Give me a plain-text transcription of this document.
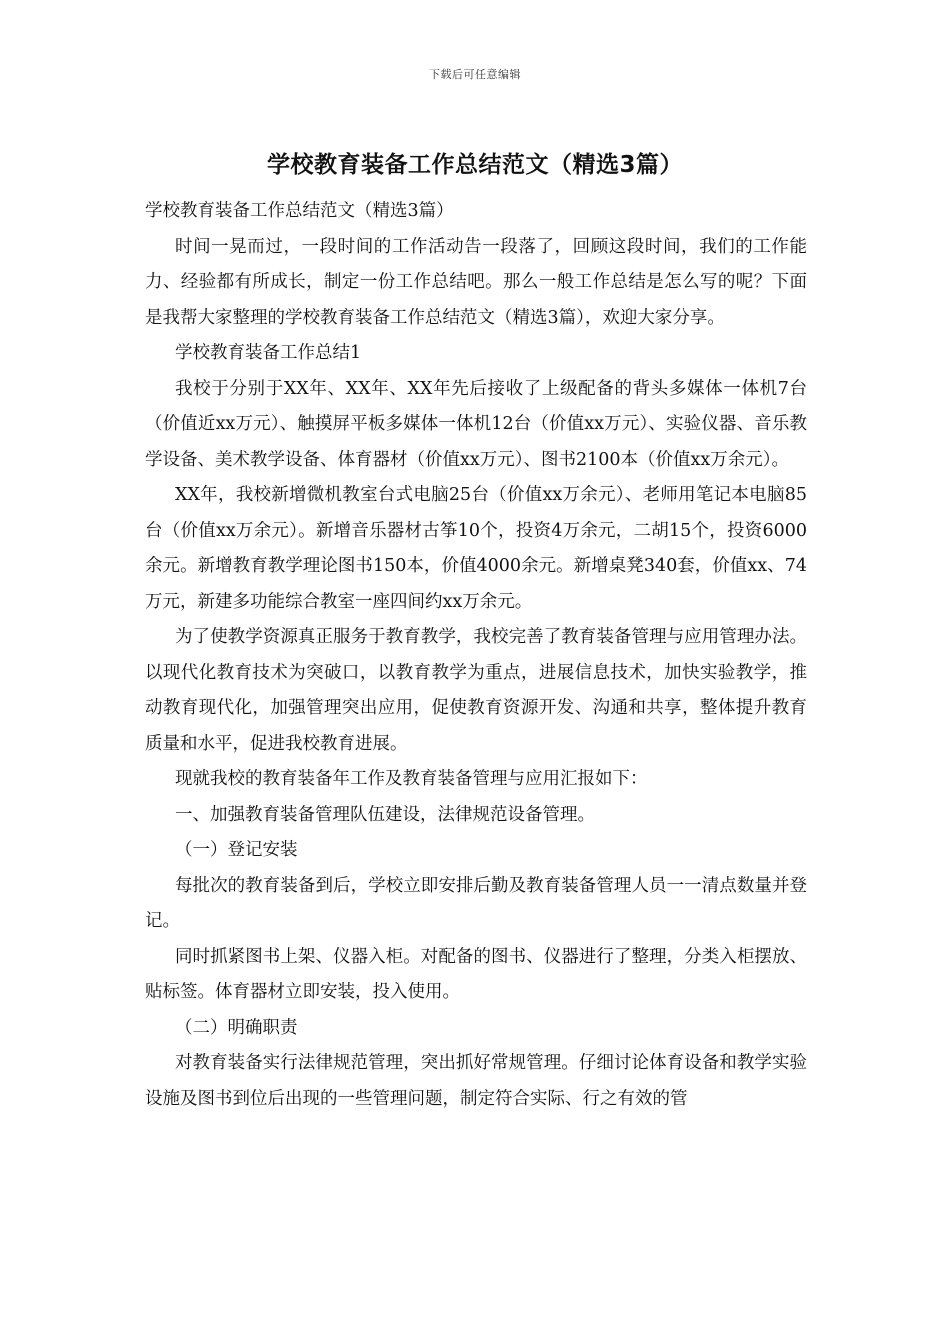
下载后可任意编辑
学校教育装备工作总结范文（精选3篇）

学校教育装备工作总结范文（精选3篇）

时间一晃而过，一段时间的工作活动告一段落了，回顾这段时间，我们的工作能力、经验都有所成长，制定一份工作总结吧。那么一般工作总结是怎么写的呢？下面是我帮大家整理的学校教育装备工作总结范文（精选3篇），欢迎大家分享。

学校教育装备工作总结1

我校于分别于XX年、XX年、XX年先后接收了上级配备的背头多媒体一体机7台（价值近xx万元）、触摸屏平板多媒体一体机12台（价值xx万元）、实验仪器、音乐教学设备、美术教学设备、体育器材（价值xx万元）、图书2100本（价值xx万余元）。

XX年，我校新增微机教室台式电脑25台（价值xx万余元）、老师用笔记本电脑85台（价值xx万余元）。新增音乐器材古筝10个，投资4万余元，二胡15个，投资6000余元。新增教育教学理论图书150本，价值4000余元。新增桌凳340套，价值xx、74万元，新建多功能综合教室一座四间约xx万余元。

为了使教学资源真正服务于教育教学，我校完善了教育装备管理与应用管理办法。以现代化教育技术为突破口，以教育教学为重点，进展信息技术，加快实验教学，推动教育现代化，加强管理突出应用，促使教育资源开发、沟通和共享，整体提升教育质量和水平，促进我校教育进展。

现就我校的教育装备年工作及教育装备管理与应用汇报如下：

一、加强教育装备管理队伍建设，法律规范设备管理。

（一）登记安装

每批次的教育装备到后，学校立即安排后勤及教育装备管理人员一一清点数量并登记。

同时抓紧图书上架、仪器入柜。对配备的图书、仪器进行了整理，分类入柜摆放、贴标签。体育器材立即安装，投入使用。

（二）明确职责

对教育装备实行法律规范管理，突出抓好常规管理。仔细讨论体育设备和教学实验设施及图书到位后出现的一些管理问题，制定符合实际、行之有效的管
